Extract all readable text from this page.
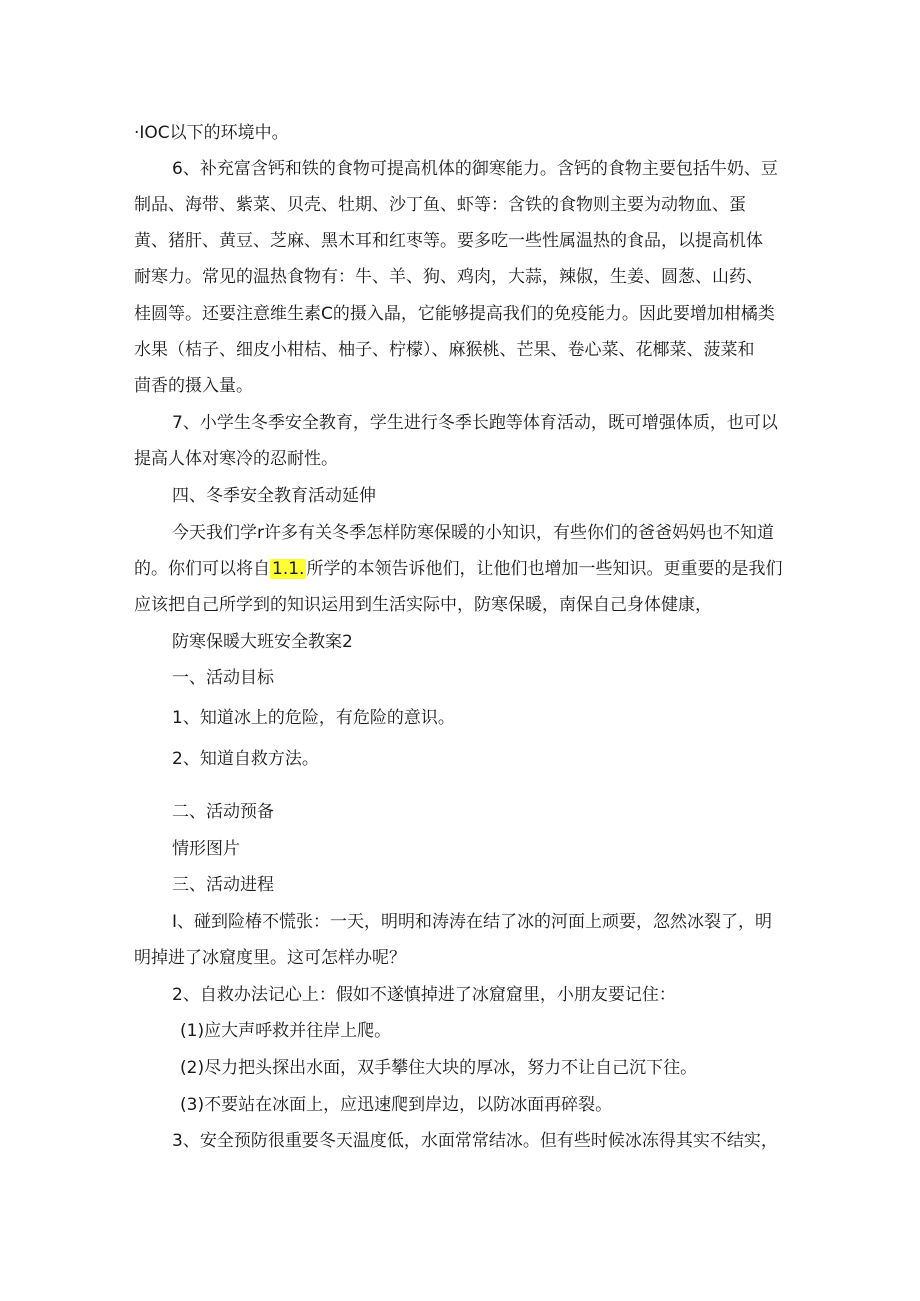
·IOC以下的环境中。
6、补充富含钙和铁的食物可提高机体的御寒能力。含钙的食物主要包括牛奶、豆
制品、海带、紫菜、贝壳、牡期、沙丁鱼、虾等：含铁的食物则主要为动物血、蛋
黄、猪肝、黄豆、芝麻、黑木耳和红枣等。要多吃一些性属温热的食品，以提高机体
耐寒力。常见的温热食物有：牛、羊、狗、鸡肉，大蒜，辣俶，生姜、圆葱、山药、
桂圆等。还要注意维生素C的摄入晶，它能够提高我们的免疫能力。因此要增加柑橘类
水果（桔子、细皮小柑桔、柚子、柠檬）、麻猴桃、芒果、卷心菜、花椰菜、菠菜和
茴香的摄入量。
7、小学生冬季安全教育，学生进行冬季长跑等体育活动，既可增强体质，也可以
提高人体对寒冷的忍耐性。
四、冬季安全教育活动延伸
今天我们学r许多有关冬季怎样防寒保暖的小知识，有些你们的爸爸妈妈也不知道
的。你们可以将自 1.1. 所学的本领告诉他们，让他们也增加一些知识。更重要的是我们
应该把自己所学到的知识运用到生活实际中，防寒保暖，南保自己身体健康，
防寒保暖大班安全教案2
一、活动目标
1、知道冰上的危险，有危险的意识。
2、知道自救方法。
二、活动预备
情形图片
三、活动进程
I、碰到险椿不慌张：一天，明明和涛涛在结了冰的河面上顽要，忽然冰裂了，明
明掉进了冰窟度里。这可怎样办呢？
2、自救办法记心上：假如不遂慎掉进了冰窟窟里，小朋友要记住：
(1)应大声呼救并往岸上爬。
(2)尽力把头探出水面，双手攀住大块的厚冰，努力不让自己沉下往。
(3)不要站在冰面上，应迅速爬到岸边，以防冰面再碎裂。
3、安全预防很重要冬天温度低，水面常常结冰。但有些时候冰冻得其实不结实，
